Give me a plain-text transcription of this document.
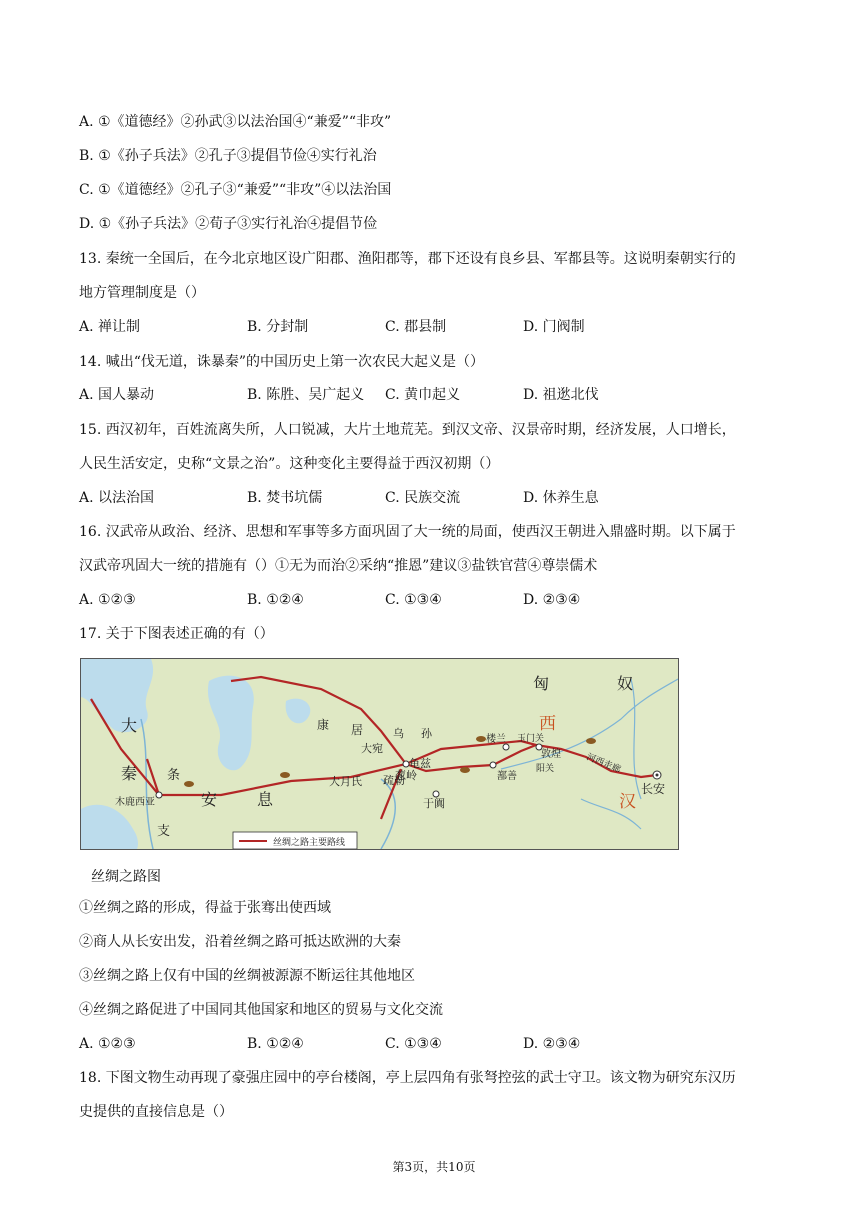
A. ①《道德经》②孙武③以法治国④“兼爱”“非攻”
B. ①《孙子兵法》②孔子③提倡节俭④实行礼治
C. ①《道德经》②孔子③“兼爱”“非攻”④以法治国
D. ①《孙子兵法》②荀子③实行礼治④提倡节俭
13. 秦统一全国后，在今北京地区设广阳郡、渔阳郡等，郡下还设有良乡县、军都县等。这说明秦朝实行的
地方管理制度是（）
A. 禅让制	B. 分封制	C. 郡县制	D. 门阀制
14. 喊出“伐无道，诛暴秦”的中国历史上第一次农民大起义是（）
A. 国人暴动	B. 陈胜、吴广起义 C. 黄巾起义	D. 祖逖北伐
15. 西汉初年，百姓流离失所，人口锐减，大片土地荒芜。到汉文帝、汉景帝时期，经济发展，人口增长，
人民生活安定，史称“文景之治”。这种变化主要得益于西汉初期（）
A. 以法治国	B. 焚书坑儒	C. 民族交流	D. 休养生息
16. 汉武帝从政治、经济、思想和军事等多方面巩固了大一统的局面，使西汉王朝进入鼎盛时期。以下属于
汉武帝巩固大一统的措施有（）①无为而治②采纳“推恩”建议③盐铁官营④尊崇儒术
A. ①②③	B. ①②④	C. ①③④	D. ②③④
17. 关于下图表述正确的有（）
匈	奴
康 居	乌 孙
大宛
楼兰 玉门关
敦煌
阳关	河西走廊
长安
龟兹
疏勒
葱岭	鄯善
于阗
大月氏
大
秦 条
支
安 息
木鹿西亚
西
汉
丝绸之路主要路线
丝绸之路图
①丝绸之路的形成，得益于张骞出使西域
②商人从长安出发，沿着丝绸之路可抵达欧洲的大秦
③丝绸之路上仅有中国的丝绸被源源不断运往其他地区
④丝绸之路促进了中国同其他国家和地区的贸易与文化交流
A. ①②③	B. ①②④	C. ①③④	D. ②③④
18. 下图文物生动再现了豪强庄园中的亭台楼阁，亭上层四角有张弩控弦的武士守卫。该文物为研究东汉历
史提供的直接信息是（）
第3页，共10页
